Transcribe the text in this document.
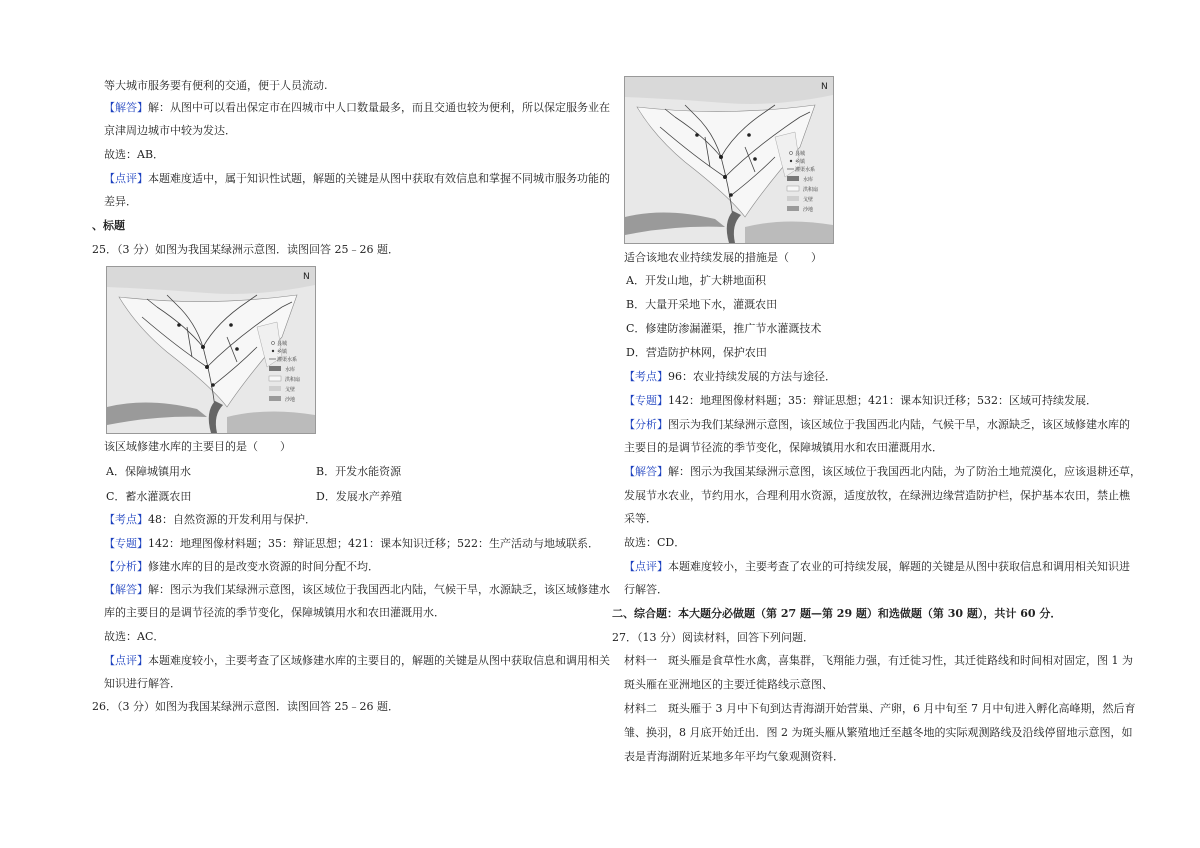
等大城市服务要有便利的交通，便于人员流动.
【解答】解：从图中可以看出保定市在四城市中人口数量最多，而且交通也较为便利，所以保定服务业在
京津周边城市中较为发达．
故选：AB．
【点评】本题难度适中，属于知识性试题，解题的关键是从图中获取有效信息和掌握不同城市服务功能的
差异．
、标题
25．（3 分）如图为我国某绿洲示意图．读图回答 25﹣26 题．
N
县城
乡镇
灌渠水系
水库
洪积扇
戈壁
沙地
该区域修建水库的主要目的是（　　）
A．保障城镇用水	B．开发水能资源
C．蓄水灌溉农田	D．发展水产养殖
【考点】48：自然资源的开发利用与保护．
【专题】142：地理图像材料题；35：辩证思想；421：课本知识迁移；522：生产活动与地域联系．
【分析】修建水库的目的是改变水资源的时间分配不均．
【解答】解：图示为我们某绿洲示意图，该区域位于我国西北内陆，气候干旱，水源缺乏，该区域修建水
库的主要目的是调节径流的季节变化，保障城镇用水和农田灌溉用水．
故选：AC．
【点评】本题难度较小，主要考查了区域修建水库的主要目的，解题的关键是从图中获取信息和调用相关
知识进行解答．
26．（3 分）如图为我国某绿洲示意图．读图回答 25﹣26 题．
N
县城
乡镇
灌渠水系
水库
洪积扇
戈壁
沙地
适合该地农业持续发展的措施是（　　）
A．开发山地，扩大耕地面积
B．大量开采地下水，灌溉农田
C．修建防渗漏灌渠，推广节水灌溉技术
D．营造防护林网，保护农田
【考点】96：农业持续发展的方法与途径．
【专题】142：地理图像材料题；35：辩证思想；421：课本知识迁移；532：区域可持续发展．
【分析】图示为我们某绿洲示意图，该区域位于我国西北内陆，气候干旱，水源缺乏，该区域修建水库的
主要目的是调节径流的季节变化，保障城镇用水和农田灌溉用水．
【解答】解：图示为我国某绿洲示意图，该区域位于我国西北内陆，为了防治土地荒漠化，应该退耕还草，
发展节水农业，节约用水，合理利用水资源，适度放牧，在绿洲边缘营造防护栏，保护基本农田，禁止樵
采等．
故选：CD．
【点评】本题难度较小，主要考查了农业的可持续发展，解题的关键是从图中获取信息和调用相关知识进
行解答．
二、综合题：本大题分必做题（第 27 题—第 29 题）和选做题（第 30 题），共计 60 分．
27．（13 分）阅读材料，回答下列问题．
材料一　斑头雁是食草性水禽，喜集群，飞翔能力强，有迁徙习性，其迁徙路线和时间相对固定，图 1 为
斑头雁在亚洲地区的主要迁徙路线示意图、
材料二　斑头雁于 3 月中下旬到达青海湖开始营巢、产卵，6 月中旬至 7 月中旬进入孵化高峰期，然后育
雏、换羽，8 月底开始迁出．图 2 为斑头雁从繁殖地迁至越冬地的实际观测路线及沿线停留地示意图，如
表是青海湖附近某地多年平均气象观测资料．
